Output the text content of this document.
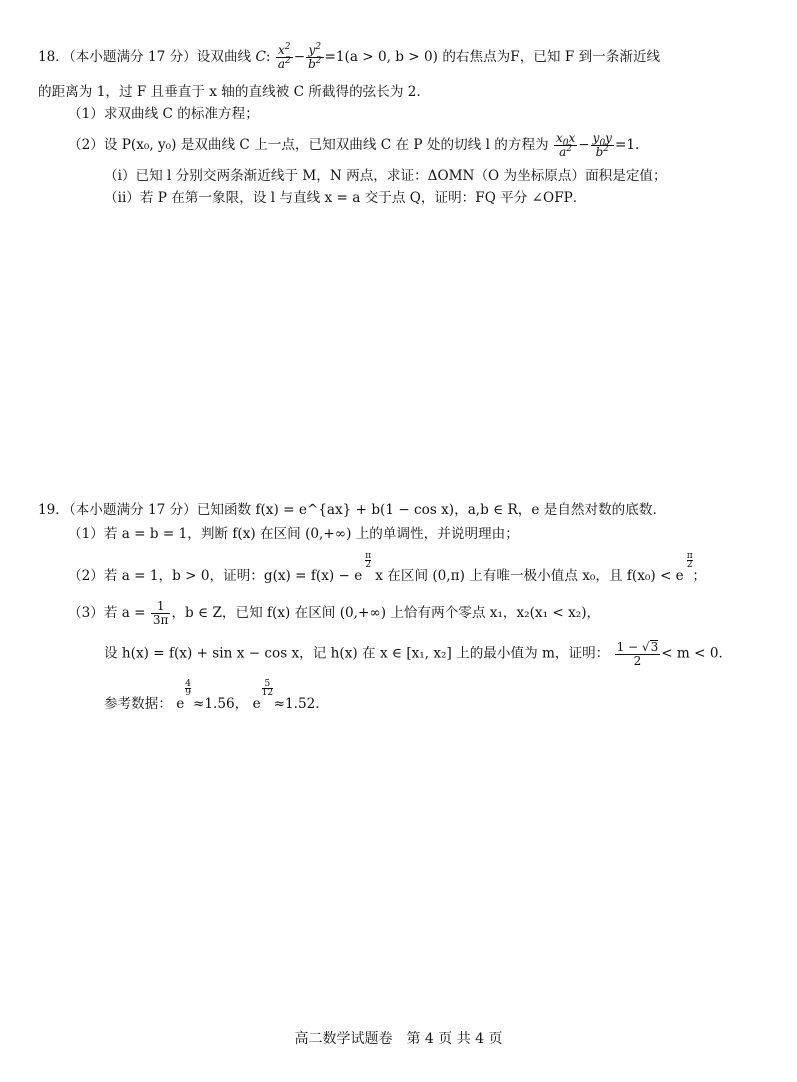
18．（本小题满分 17 分）设双曲线 C: $\frac{x^2}{a^2} - \frac{y^2}{b^2} =1(a > 0$, b > 0) 的右焦点为F，已知 F 到一条渐近线
的距离为 1，过 F 且垂直于 x 轴的直线被 C 所截得的弦长为 2.
（1）求双曲线 C 的标准方程；
（2）设 P(x₀, y₀) 是双曲线 C 上一点，已知双曲线 C 在 P 处的切线 l 的方程为 $\frac{x_0x}{a^2} - \frac{y_0y}{b^2} =1$.
（i）已知 l 分别交两条渐近线于 M，N 两点，求证：ΔOMN（O 为坐标原点）面积是定值；
（ii）若 P 在第一象限，设 l 与直线 x = a 交于点 Q，证明：FQ 平分 ∠OFP．
19．（本小题满分 17 分）已知函数 f(x) = e^{ax} + b(1 − cos x)，a,b ∈ R，e 是自然对数的底数.
（1）若 a = b = 1，判断 f(x) 在区间 (0,+∞) 上的单调性，并说明理由；
（2）若 a = 1，b > 0，证明：g(x) = f(x) − e
π
2
x 在区间 (0,π) 上有唯一极小值点 x₀，且 f(x₀) < e
π
2
；
（3）若 $a = \frac{1}{3\pi}$ ，b ∈ Z，已知 f(x) 在区间 (0,+∞) 上恰有两个零点 x₁，x₂(x₁ < x₂)，
设 h(x) = f(x) + sin x − cos x，记 h(x) 在 x ∈ [x₁, x₂] 上的最小值为 m，证明： $\frac{1 - √3}{2} < m < 0$．
参考数据： e
4
9
≈1.56， e
5
12
≈1.52．
高二数学试题卷　第 4 页 共 4 页
